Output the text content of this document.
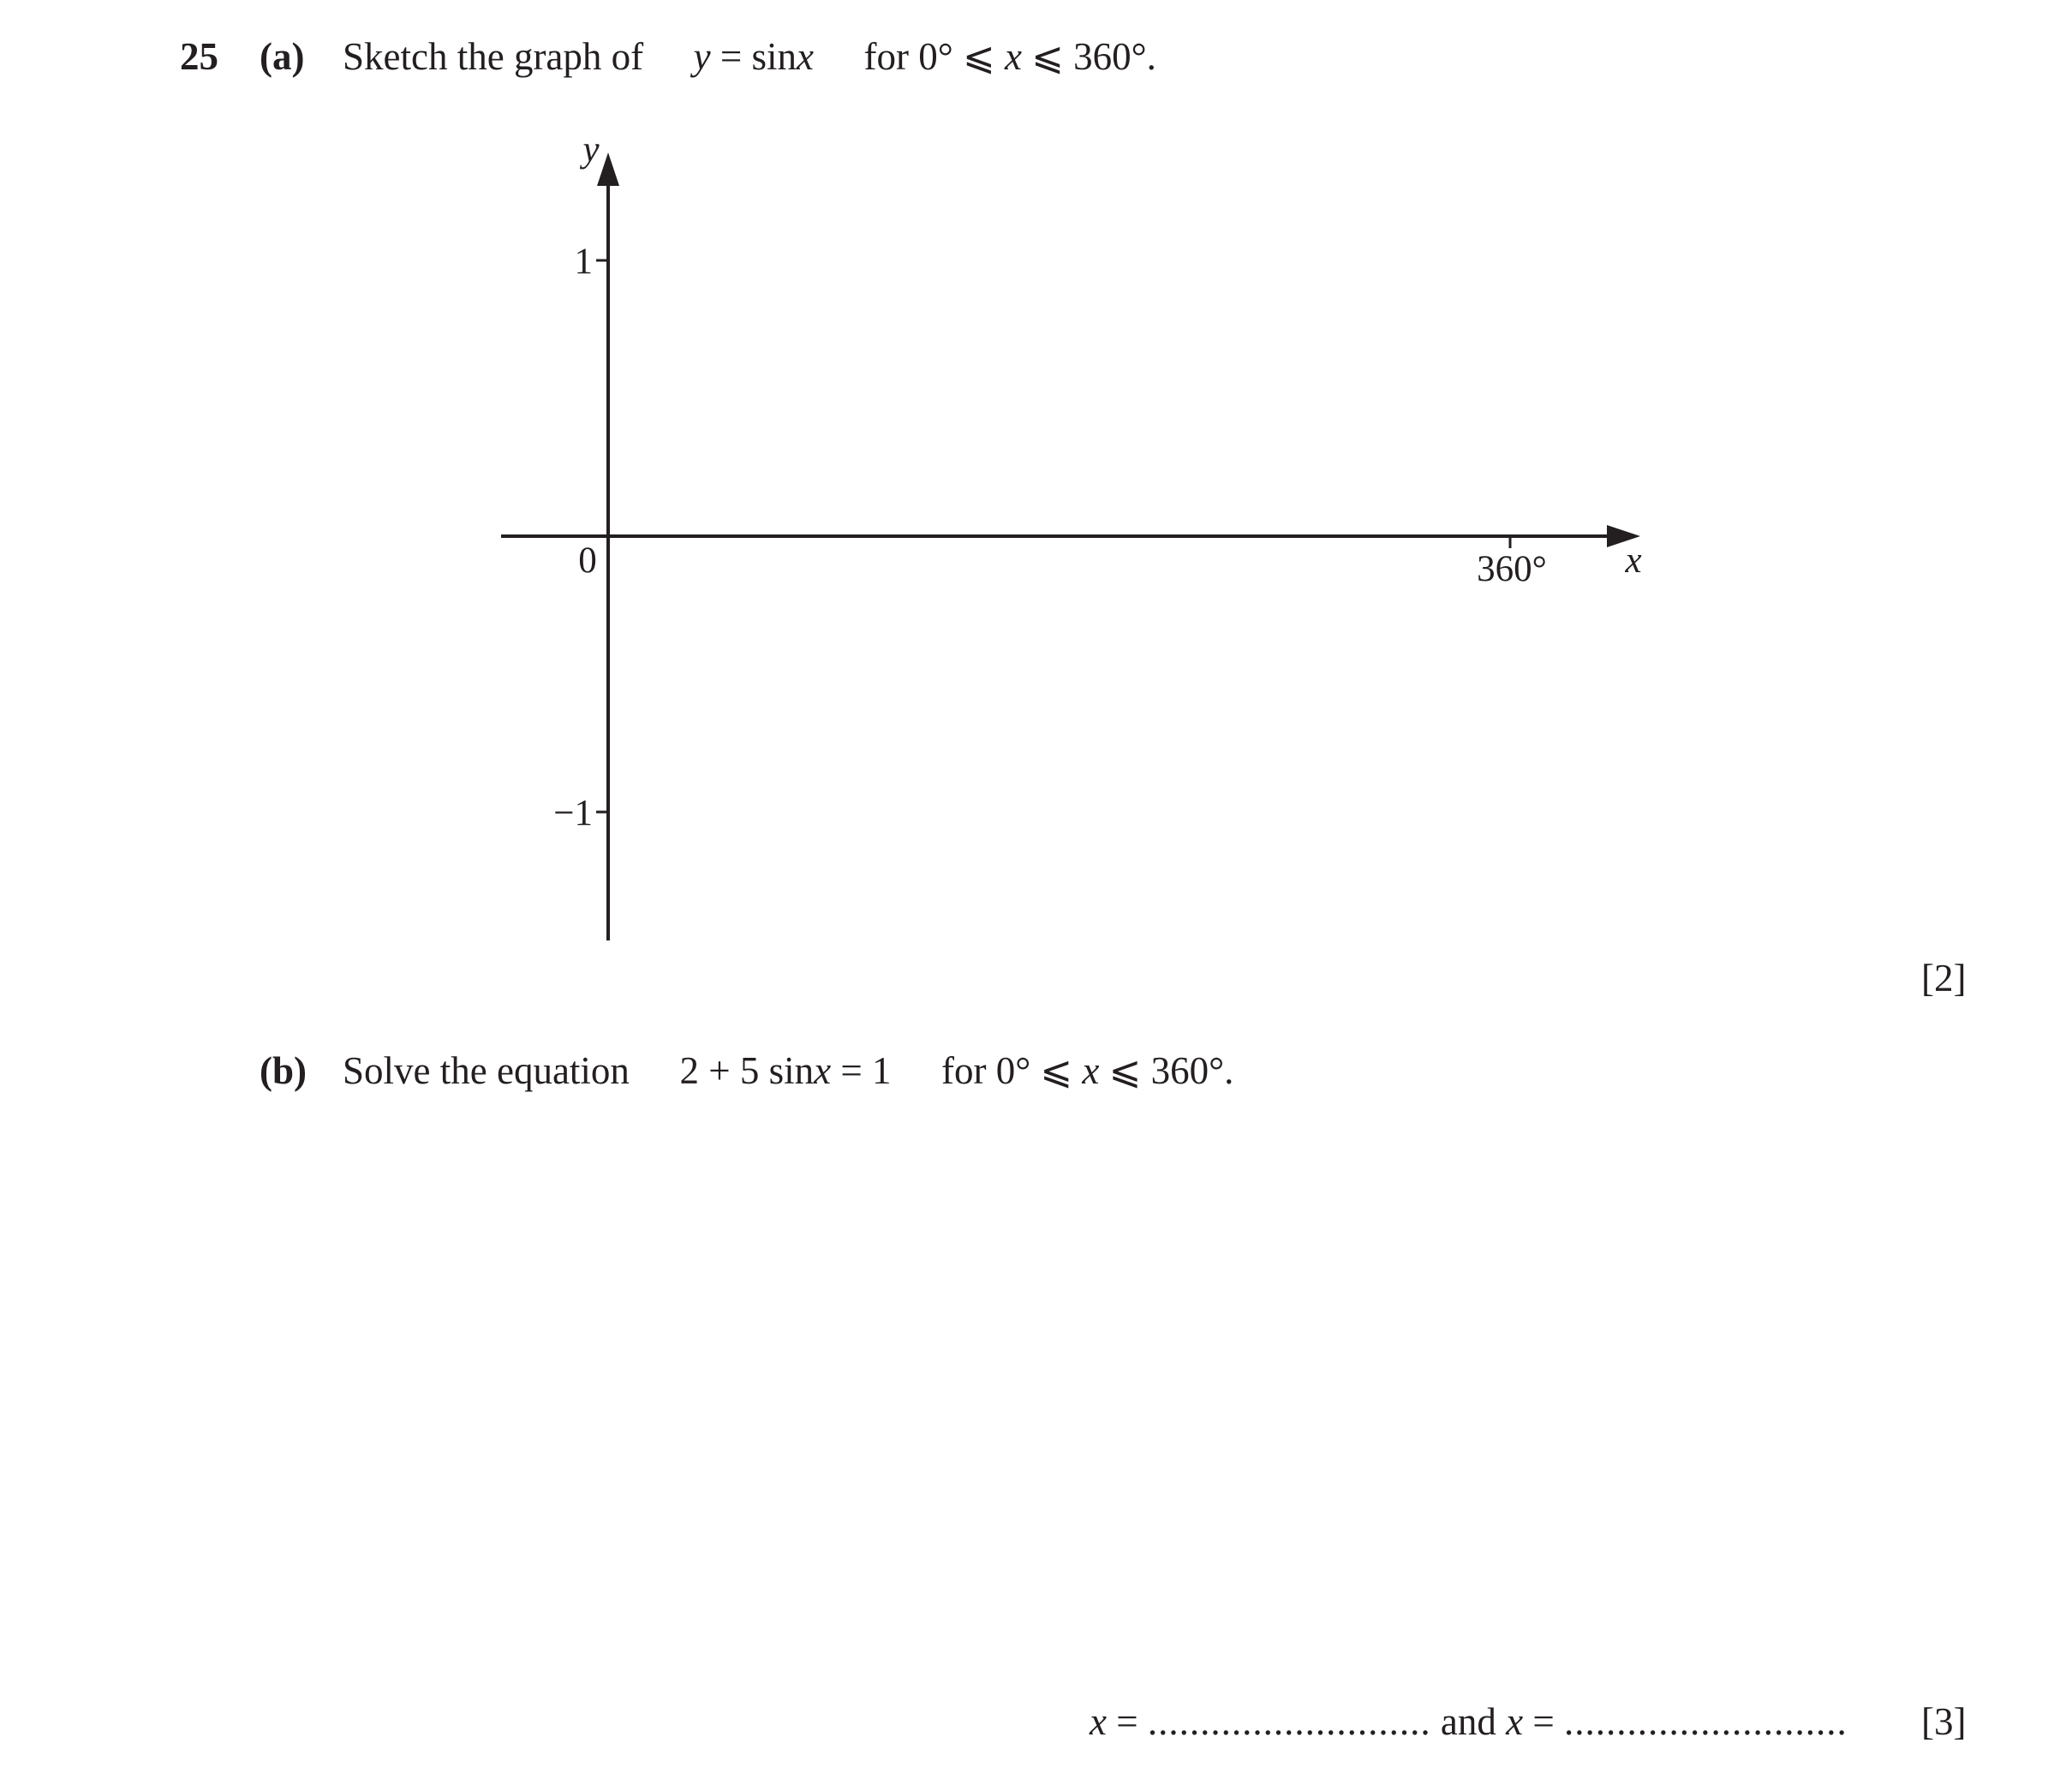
25 (a) Sketch the graph of y = sinx for 0° ⩽ x ⩽ 360°.
1
−1
360°
0	x
y
[2]
(b) Solve the equation 2 + 5 sinx = 1 for 0° ⩽ x ⩽ 360°.
x = ........................... and x = ........................... [3]
